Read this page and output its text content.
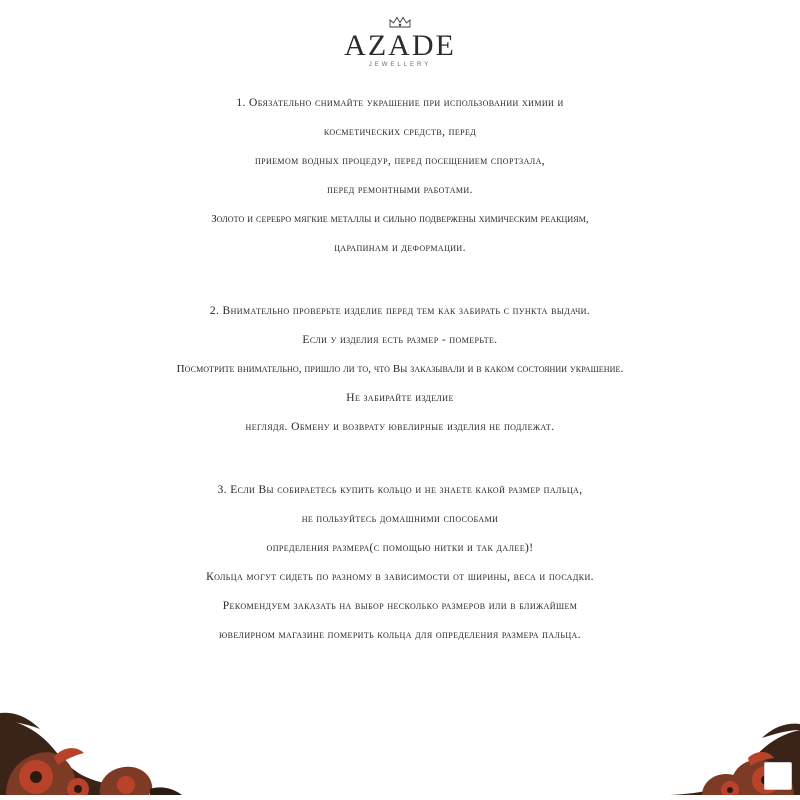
AZADE
JEWELLERY

1. Обязательно снимайте украшение при использовании химии и

косметических средств, перед

приемом водных процедур, перед посещением спортзала,

перед ремонтными работами.

Золото и серебро мягкие металлы и сильно подвержены химическим реакциям,

царапинам и деформации.

2. Внимательно проверьте изделие перед тем как забирать с пункта выдачи.

Если у изделия есть размер - померьте.

Посмотрите внимательно, пришло ли то, что Вы заказывали и в каком состоянии украшение.

Не забирайте изделие

неглядя. Обмену и возврату ювелирные изделия не подлежат.

3. Если Вы собираетесь купить кольцо и не знаете какой размер пальца,

не пользуйтесь домашними способами

определения размера(с помощью нитки и так далее)!

Кольца могут сидеть по разному в зависимости от ширины, веса и посадки.

Рекомендуем заказать на выбор несколько размеров или в ближайшем

ювелирном магазине померить кольца для определения размера пальца.
